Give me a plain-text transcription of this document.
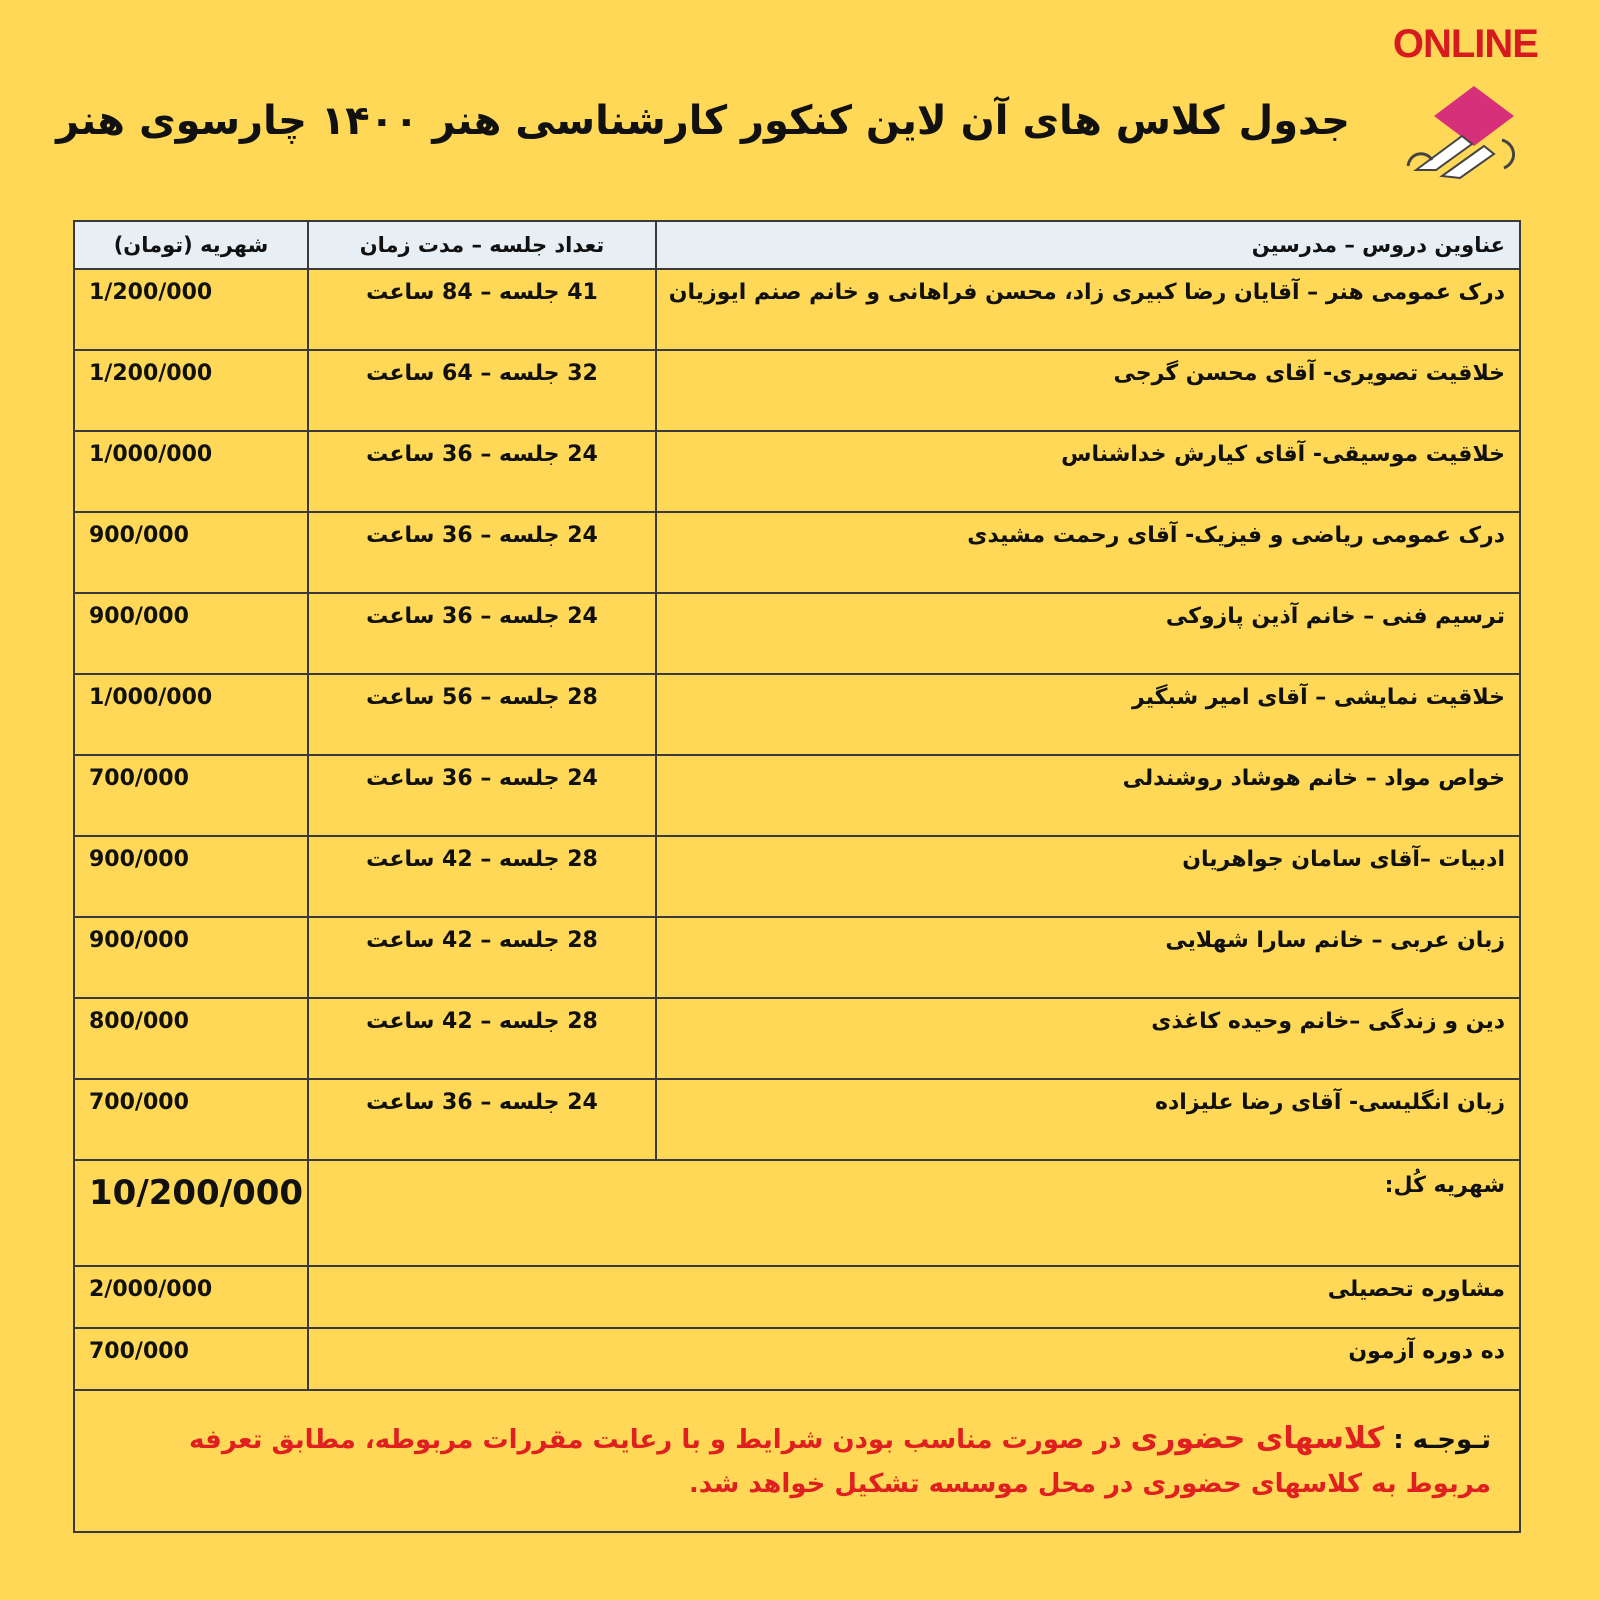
ONLINE
جدول کلاس های آن لاین کنکور کارشناسی هنر ۱۴۰۰ چارسوی هنر
عناوین دروس – مدرسین	تعداد جلسه – مدت زمان	شهریه (تومان)
درک عمومی هنر – آقایان رضا کبیری زاد، محسن فراهانی و خانم صنم ایوزیان	41 جلسه – 84 ساعت	1/200/000
خلاقیت تصویری- آقای محسن گرجی	32 جلسه – 64 ساعت	1/200/000
خلاقیت موسیقی- آقای کیارش خداشناس	24 جلسه – 36 ساعت	1/000/000
درک عمومی ریاضی و فیزیک- آقای رحمت مشیدی	24 جلسه – 36 ساعت	900/000
ترسیم فنی – خانم آذین پازوکی	24 جلسه – 36 ساعت	900/000
خلاقیت نمایشی – آقای امیر شبگیر	28 جلسه – 56 ساعت	1/000/000
خواص مواد – خانم هوشاد روشندلی	24 جلسه – 36 ساعت	700/000
ادبیات –آقای سامان جواهریان	28 جلسه – 42 ساعت	900/000
زبان عربی – خانم سارا شهلایی	28 جلسه – 42 ساعت	900/000
دین و زندگی –خانم وحیده کاغذی	28 جلسه – 42 ساعت	800/000
زبان انگلیسی- آقای رضا علیزاده	24 جلسه – 36 ساعت	700/000
شهریه کُل:		10/200/000
مشاوره تحصیلی		2/000/000
ده دوره آزمون		700/000

تـوجـه : کلاسهای حضوری در صورت مناسب بودن شرایط و با رعایت مقررات مربوطه، مطابق تعرفه مربوط به کلاسهای حضوری در محل موسسه تشکیل خواهد شد.		
